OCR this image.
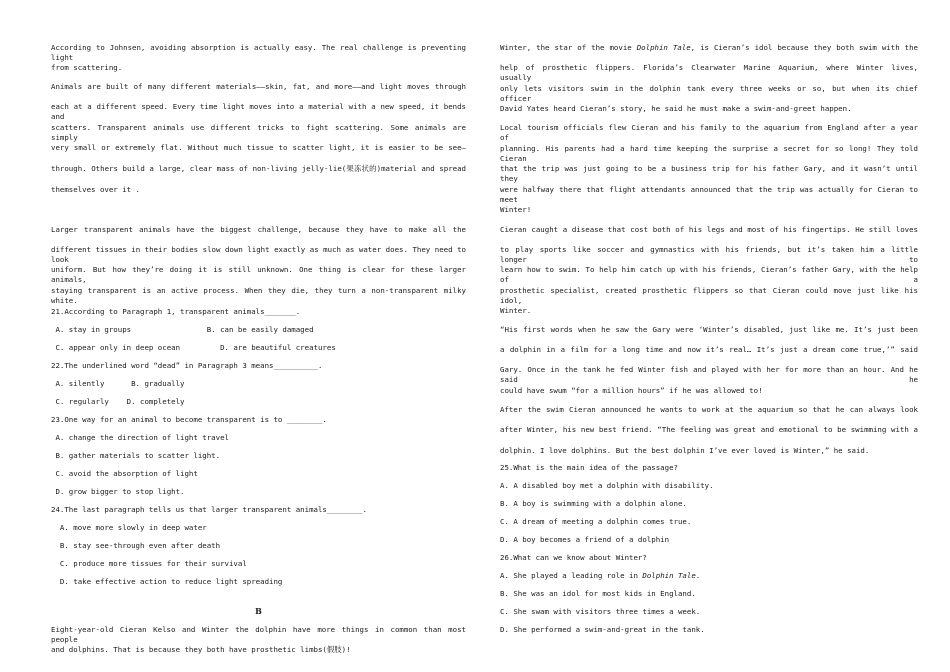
According to Johnsen, avoiding absorption is actually easy. The real challenge is preventing light
from scattering.
Animals are built of many different materials——skin, fat, and more——and light moves through
each at a different speed. Every time light moves into a material with a new speed, it bends and
scatters. Transparent animals use different tricks to fight scattering. Some animals are simply
very small or extremely flat. Without much tissue to scatter light, it is easier to be see—
through. Others build a large, clear mass of non-living jelly-lie(果冻状的)material and spread
themselves over it .
Larger transparent animals have the biggest challenge, because they have to make all the
different tissues in their bodies slow down light exactly as much as water does. They need to look
uniform. But how they’re doing it is still unknown. One thing is clear for these larger animals,
staying transparent is an active process. When they die, they turn a non-transparent milky white.
21.According to Paragraph 1, transparent animals_______.
A. stay in groups                 B. can be easily damaged
C. appear only in deep ocean         D. are beautiful creatures
22.The underlined word “dead” in Paragraph 3 means__________.
A. silently      B. gradually
C. regularly    D. completely
23.One way for an animal to become transparent is to ________.
A. change the direction of light travel
B. gather materials to scatter light.
C. avoid the absorption of light
D. grow bigger to stop light.
24.The last paragraph tells us that larger transparent animals________.
A. move more slowly in deep water
B. stay see-through even after death
C. produce more tissues for their survival
D. take effective action to reduce light spreading
B
Eight-year-old Cieran Kelso and Winter the dolphin have more things in common than most people
and dolphins. That is because they both have prosthetic limbs(假肢)!
Winter, the star of the movie Dolphin Tale, is Cieran’s idol because they both swim with the
help of prosthetic flippers. Florida’s Clearwater Marine Aquarium, where Winter lives, usually
only lets visitors swim in the dolphin tank every three weeks or so, but when its chief officer
David Yates heard Cieran’s story, he said he must make a swim-and-greet happen.
Local tourism officials flew Cieran and his family to the aquarium from England after a year of
planning. His parents had a hard time keeping the surprise a secret for so long! They told Cieran
that the trip was just going to be a business trip for his father Gary, and it wasn’t until they
were halfway there that flight attendants announced that the trip was actually for Cieran to meet
Winter!
Cieran caught a disease that cost both of his legs and most of his fingertips. He still loves
to play sports like soccer and gymnastics with his friends, but it’s taken him a little longer to
learn how to swim. To help him catch up with his friends, Cieran’s father Gary, with the help of a
prosthetic specialist, created prosthetic flippers so that Cieran could move just like his idol,
Winter.
“His first words when he saw the Gary were ‘Winter’s disabled, just like me. It’s just been
a dolphin in a film for a long time and now it’s real… It’s just a dream come true,’” said
Gary. Once in the tank he fed Winter fish and played with her for more than an hour. And he said he
could have swum “for a million hours” if he was allowed to!
After the swim Cieran announced he wants to work at the aquarium so that he can always look
after Winter, his new best friend. “The feeling was great and emotional to be swimming with a
dolphin. I love dolphins. But the best dolphin I’ve ever loved is Winter,” he said.
25.What is the main idea of the passage?
A. A disabled boy met a dolphin with disability.
B. A boy is swimming with a dolphin alone.
C. A dream of meeting a dolphin comes true.
D. A boy becomes a friend of a dolphin
26.What can we know about Winter?
A. She played a leading role in Dolphin Tale.
B. She was an idol for most kids in England.
C. She swam with visitors three times a week.
D. She performed a swim-and-great in the tank.
